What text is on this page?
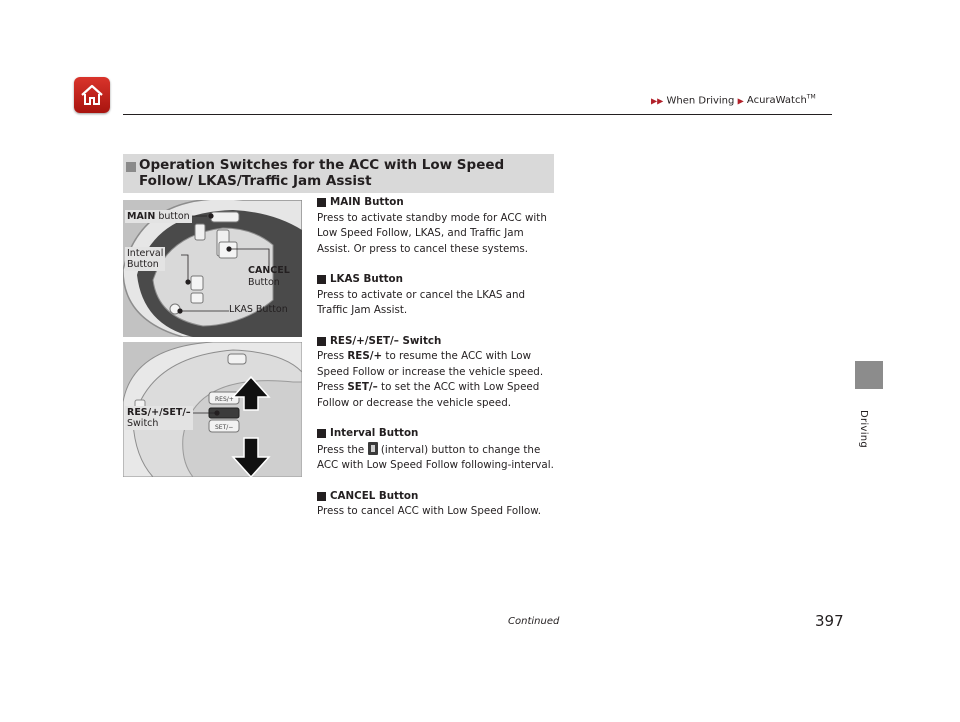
▶▶ When Driving ▶ AcuraWatch™
Driving
Operation Switches for the ACC with Low Speed Follow/ LKAS/Traffic Jam Assist
MAIN button
Interval
Button
CANCEL
Button
LKAS Button
RES/+
SET/−
RES/+/SET/–
Switch
MAIN Button

Press to activate standby mode for ACC with Low Speed Follow, LKAS, and Traffic Jam Assist. Or press to cancel these systems.

LKAS Button

Press to activate or cancel the LKAS and Traffic Jam Assist.

RES/+/SET/– Switch

Press RES/+ to resume the ACC with Low Speed Follow or increase the vehicle speed.
Press SET/– to set the ACC with Low Speed Follow or decrease the vehicle speed.

Interval Button

Press the  (interval) button to change the ACC with Low Speed Follow following-interval.

CANCEL Button

Press to cancel ACC with Low Speed Follow.

Continued	397
